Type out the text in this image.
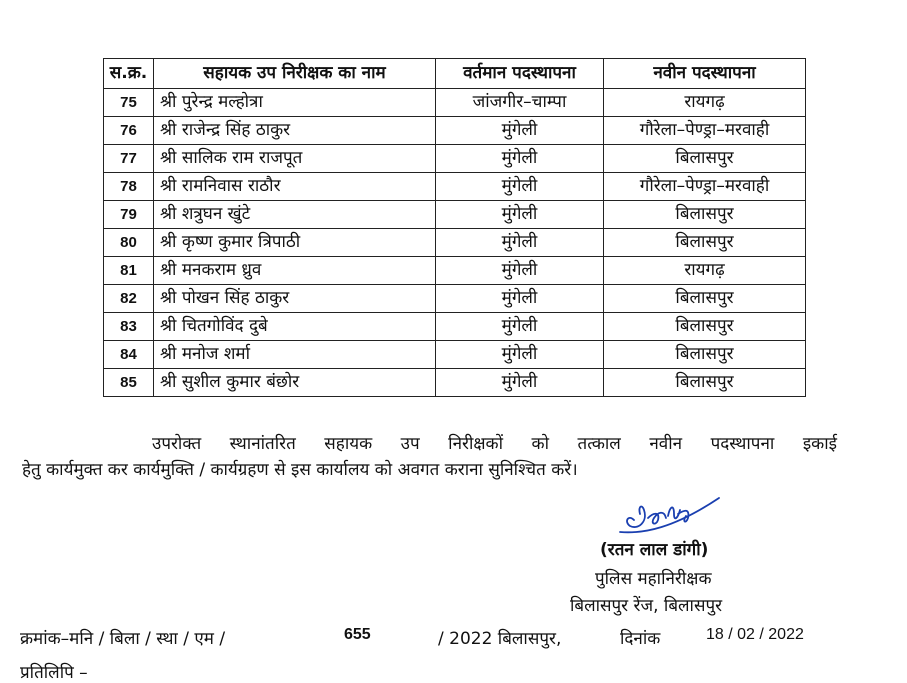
स.क्र.	सहायक उप निरीक्षक का नाम	वर्तमान पदस्थापना	नवीन पदस्थापना
75	श्री पुरेन्द्र मल्होत्रा	जांजगीर–चाम्पा	रायगढ़
76	श्री राजेन्द्र सिंह ठाकुर	मुंगेली	गौरेला–पेण्ड्रा–मरवाही
77	श्री सालिक राम राजपूत	मुंगेली	बिलासपुर
78	श्री रामनिवास राठौर	मुंगेली	गौरेला–पेण्ड्रा–मरवाही
79	श्री शत्रुघन खुंटे	मुंगेली	बिलासपुर
80	श्री कृष्ण कुमार त्रिपाठी	मुंगेली	बिलासपुर
81	श्री मनकराम ध्रुव	मुंगेली	रायगढ़
82	श्री पोखन सिंह ठाकुर	मुंगेली	बिलासपुर
83	श्री चितगोविंद दुबे	मुंगेली	बिलासपुर
84	श्री मनोज शर्मा	मुंगेली	बिलासपुर
85	श्री सुशील कुमार बंछोर	मुंगेली	बिलासपुर
उपरोक्त स्थानांतरित सहायक उप निरीक्षकों को तत्काल नवीन पदस्थापना इकाई
हेतु कार्यमुक्त कर कार्यमुक्ति / कार्यग्रहण से इस कार्यालय को अवगत कराना सुनिश्चित करें।
(रतन लाल डांगी)
पुलिस महानिरीक्षक
बिलासपुर रेंज, बिलासपुर
क्रमांक–मनि / बिला / स्था / एम /	655	/ 2022 बिलासपुर,	दिनांक	18 / 02 / 2022
प्रतिलिपि –
